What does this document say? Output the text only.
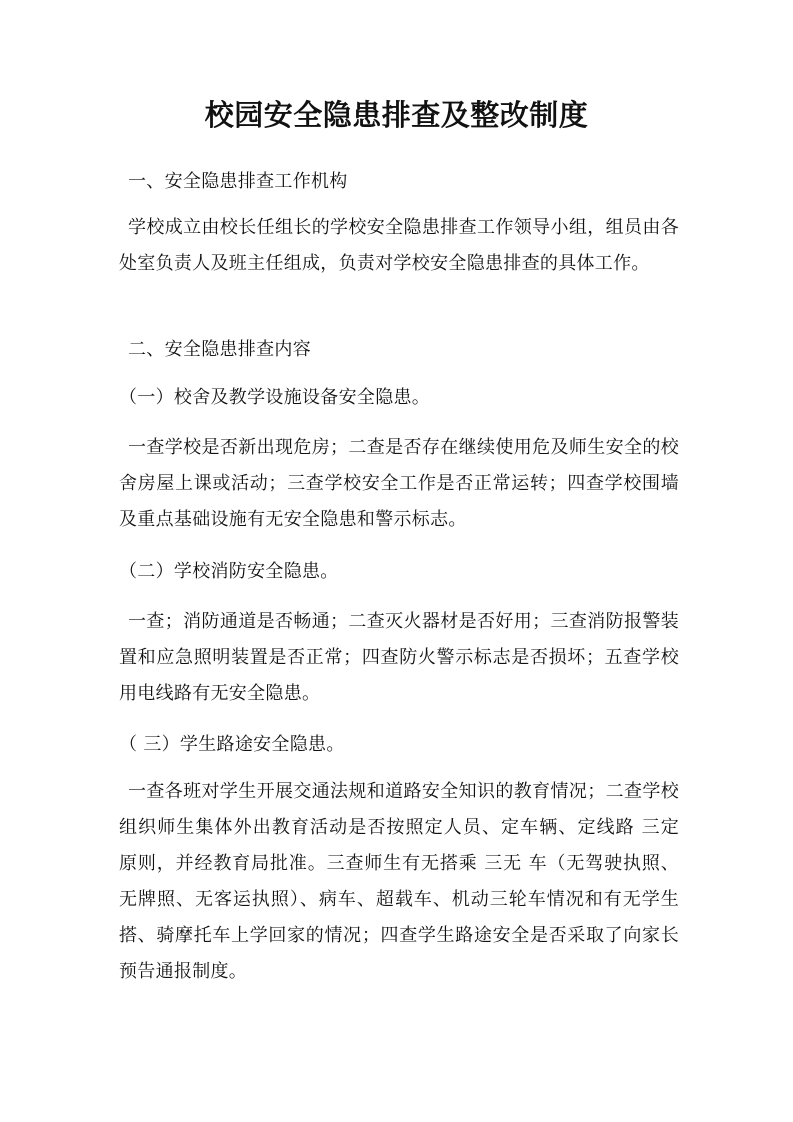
校园安全隐患排查及整改制度
一、安全隐患排查工作机构
学校成立由校长任组长的学校安全隐患排查工作领导小组，组员由各处室负责人及班主任组成，负责对学校安全隐患排查的具体工作。
二、安全隐患排查内容
（一）校舍及教学设施设备安全隐患。
一查学校是否新出现危房；二查是否存在继续使用危及师生安全的校舍房屋上课或活动；三查学校安全工作是否正常运转；四查学校围墙及重点基础设施有无安全隐患和警示标志。
（二）学校消防安全隐患。
一查；消防通道是否畅通；二查灭火器材是否好用；三查消防报警装置和应急照明装置是否正常；四查防火警示标志是否损坏；五查学校用电线路有无安全隐患。
（ 三）学生路途安全隐患。
一查各班对学生开展交通法规和道路安全知识的教育情况；二查学校组织师生集体外出教育活动是否按照定人员、定车辆、定线路 三定 原则，并经教育局批准。三查师生有无搭乘 三无 车（无驾驶执照、无牌照、无客运执照）、病车、超载车、机动三轮车情况和有无学生搭、骑摩托车上学回家的情况；四查学生路途安全是否采取了向家长预告通报制度。
